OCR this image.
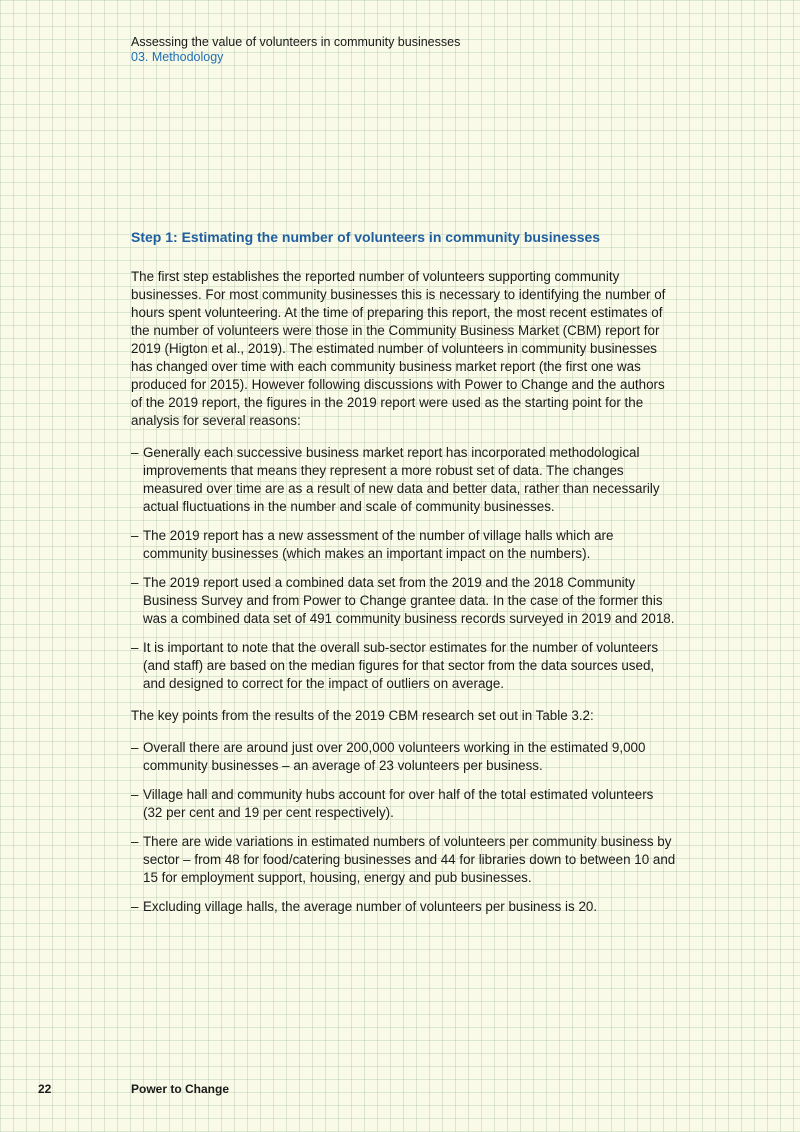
Assessing the value of volunteers in community businesses
03. Methodology
Step 1: Estimating the number of volunteers in community businesses

The first step establishes the reported number of volunteers supporting community businesses. For most community businesses this is necessary to identifying the number of hours spent volunteering. At the time of preparing this report, the most recent estimates of the number of volunteers were those in the Community Business Market (CBM) report for 2019 (Higton et al., 2019). The estimated number of volunteers in community businesses has changed over time with each community business market report (the first one was produced for 2015). However following discussions with Power to Change and the authors of the 2019 report, the figures in the 2019 report were used as the starting point for the analysis for several reasons:

– Generally each successive business market report has incorporated methodological improvements that means they represent a more robust set of data. The changes measured over time are as a result of new data and better data, rather than necessarily actual fluctuations in the number and scale of community businesses.
– The 2019 report has a new assessment of the number of village halls which are community businesses (which makes an important impact on the numbers).
– The 2019 report used a combined data set from the 2019 and the 2018 Community Business Survey and from Power to Change grantee data. In the case of the former this was a combined data set of 491 community business records surveyed in 2019 and 2018.
– It is important to note that the overall sub-sector estimates for the number of volunteers (and staff) are based on the median figures for that sector from the data sources used, and designed to correct for the impact of outliers on average.

The key points from the results of the 2019 CBM research set out in Table 3.2:

– Overall there are around just over 200,000 volunteers working in the estimated 9,000 community businesses – an average of 23 volunteers per business.
– Village hall and community hubs account for over half of the total estimated volunteers (32 per cent and 19 per cent respectively).
– There are wide variations in estimated numbers of volunteers per community business by sector – from 48 for food/catering businesses and 44 for libraries down to between 10 and 15 for employment support, housing, energy and pub businesses.
– Excluding village halls, the average number of volunteers per business is 20.
22	Power to Change
